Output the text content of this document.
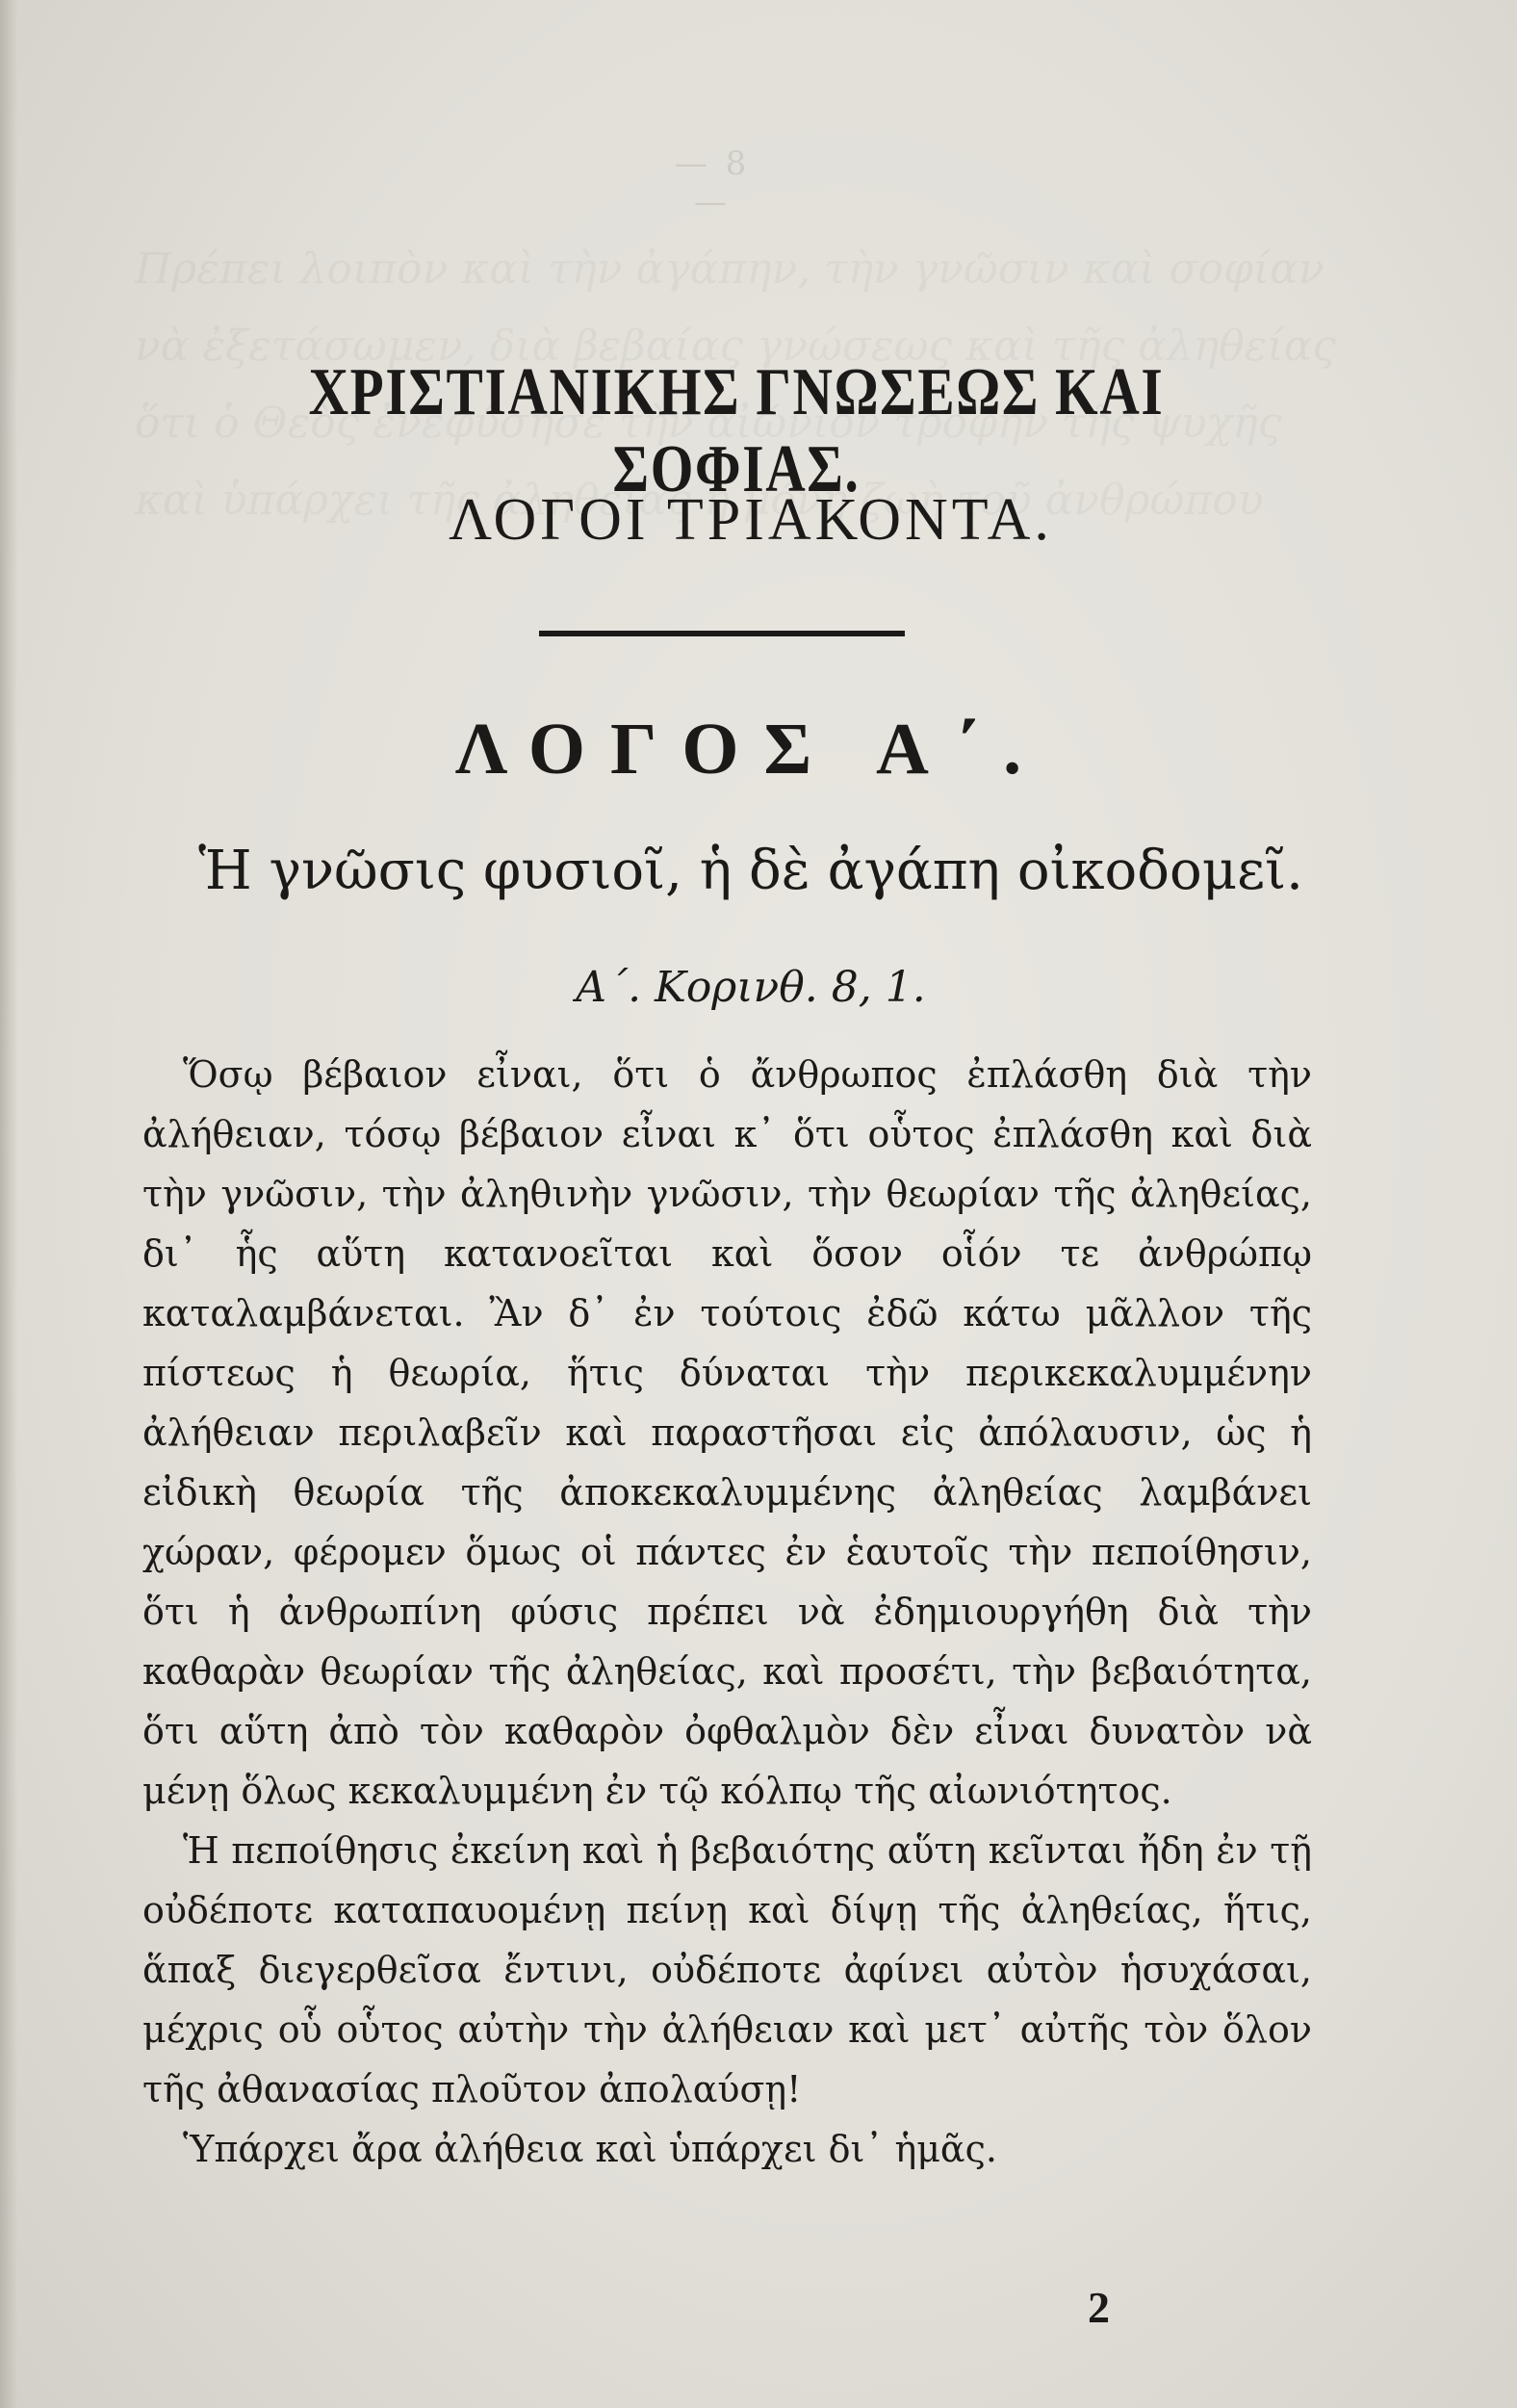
— 8 —
ΧΡΙΣΤΙΑΝΙΚΗΣ ΓΝΩΣΕΩΣ ΚΑΙ ΣΟΦΙΑΣ.
ΛΟΓΟΙ ΤΡΙΑΚΟΝΤΑ.
ΛΟΓΟΣ Α΄.
Ἡ γνῶσις φυσιοῖ, ἡ δὲ ἀγάπη οἰκοδομεῖ.
Α΄. Κορινθ. 8, 1.

Ὅσῳ βέβαιον εἶναι, ὅτι ὁ ἄνθρωπος ἐπλάσθη διὰ τὴν ἀλήθειαν, τόσῳ βέβαιον εἶναι κ᾽ ὅτι οὗτος ἐπλάσθη καὶ διὰ τὴν γνῶσιν, τὴν ἀληθινὴν γνῶσιν, τὴν θεωρίαν τῆς ἀληθείας, δι᾽ ἧς αὕτη κατανοεῖται καὶ ὅσον οἷόν τε ἀνθρώπῳ καταλαμβάνεται. Ἂν δ᾽ ἐν τούτοις ἐδῶ κάτω μᾶλλον τῆς πίστεως ἡ θεωρία, ἥτις δύναται τὴν περικεκαλυμμένην ἀλήθειαν περιλαβεῖν καὶ παραστῆσαι εἰς ἀπόλαυσιν, ὡς ἡ εἰδικὴ θεωρία τῆς ἀποκεκαλυμμένης ἀληθείας λαμβάνει χώραν, φέρομεν ὅμως οἱ πάντες ἐν ἑαυτοῖς τὴν πεποίθησιν, ὅτι ἡ ἀνθρωπίνη φύσις πρέπει νὰ ἐδημιουργήθη διὰ τὴν καθαρὰν θεωρίαν τῆς ἀληθείας, καὶ προσέτι, τὴν βεβαιότητα, ὅτι αὕτη ἀπὸ τὸν καθαρὸν ὀφθαλμὸν δὲν εἶναι δυνατὸν νὰ μένῃ ὅλως κεκαλυμμένη ἐν τῷ κόλπῳ τῆς αἰωνιότητος.

Ἡ πεποίθησις ἐκείνη καὶ ἡ βεβαιότης αὕτη κεῖνται ἤδη ἐν τῇ οὐδέποτε καταπαυομένῃ πείνῃ καὶ δίψῃ τῆς ἀληθείας, ἥτις, ἅπαξ διεγερθεῖσα ἔντινι, οὐδέποτε ἀφίνει αὐτὸν ἡσυχάσαι, μέχρις οὗ οὗτος αὐτὴν τὴν ἀλήθειαν καὶ μετ᾽ αὐτῆς τὸν ὅλον τῆς ἀθανασίας πλοῦτον ἀπολαύσῃ!

Ὑπάρχει ἄρα ἀλήθεια καὶ ὑπάρχει δι᾽ ἡμᾶς.

2
